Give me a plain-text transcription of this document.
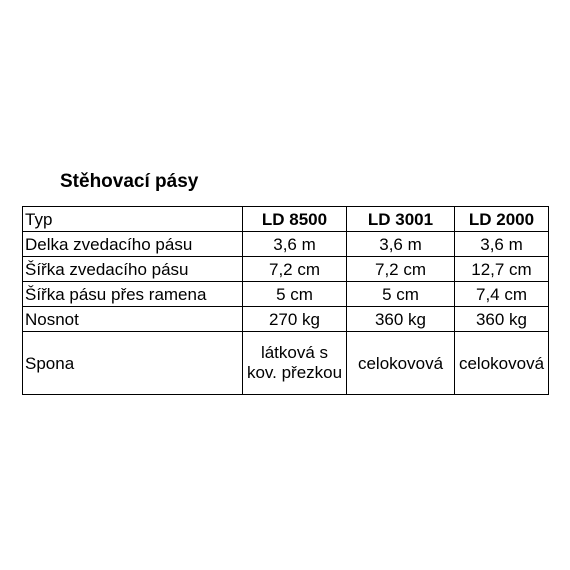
Stěhovací pásy
Typ	LD 8500	LD 3001	LD 2000
Delka zvedacího pásu	3,6 m	3,6 m	3,6 m
Šířka zvedacího pásu	7,2 cm	7,2 cm	12,7 cm
Šířka pásu přes ramena	5 cm	5 cm	7,4 cm
Nosnot	270 kg	360 kg	360 kg
Spona	látková s kov. přezkou	celokovová	celokovová
